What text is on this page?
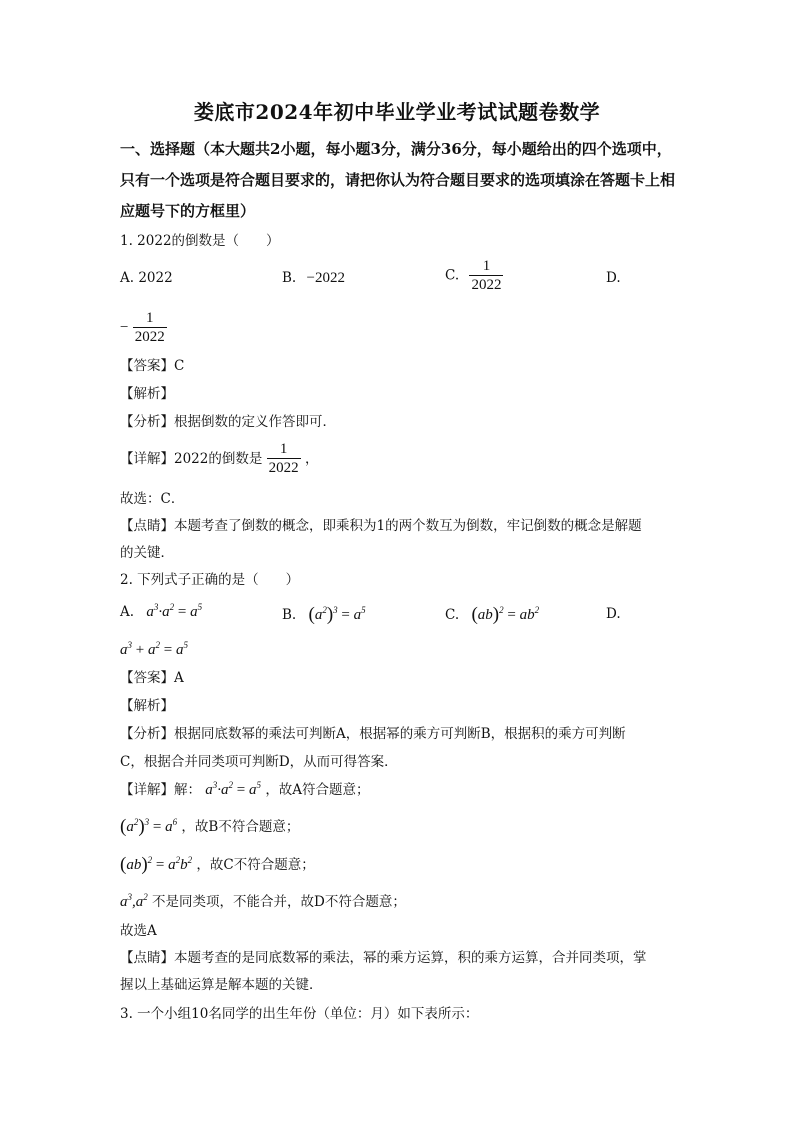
娄底市2024年初中毕业学业考试试题卷数学
一、选择题（本大题共2小题，每小题3分，满分36分，每小题给出的四个选项中，只有一个选项是符合题目要求的，请把你认为符合题目要求的选项填涂在答题卡上相应题号下的方框里）
1. 2022的倒数是（　　）
A. 2022	B. −2022	C. $\frac{1}{2022}$	D.
− $\frac{1}{2022}$
【答案】C
【解析】
【分析】根据倒数的定义作答即可．
【详解】2022的倒数是 $\frac{1}{2022}$ ，
故选：C．
【点睛】本题考查了倒数的概念，即乘积为1的两个数互为倒数，牢记倒数的概念是解题
的关键．
2. 下列式子正确的是（　　）
A. $a^3\cdot a^2 = a^5$	B. $(a^2)^3 = a^5$	C. $(ab)^2 = ab^2$	D.
$a^3 + a^2 = a^5$
【答案】A
【解析】
【分析】根据同底数幂的乘法可判断A，根据幂的乘方可判断B，根据积的乘方可判断
C，根据合并同类项可判断D，从而可得答案．
【详解】解： $a^3\cdot a^2 = a^5$ ，故A符合题意；
$(a^2)^3 = a^6$ ，故B不符合题意；
$(ab)^2 = a^2b^2$ ，故C不符合题意；
$a^3,a^2$ 不是同类项，不能合并，故D不符合题意；
故选A
【点睛】本题考查的是同底数幂的乘法，幂的乘方运算，积的乘方运算，合并同类项，掌
握以上基础运算是解本题的关键．
3. 一个小组10名同学的出生年份（单位：月）如下表所示：
